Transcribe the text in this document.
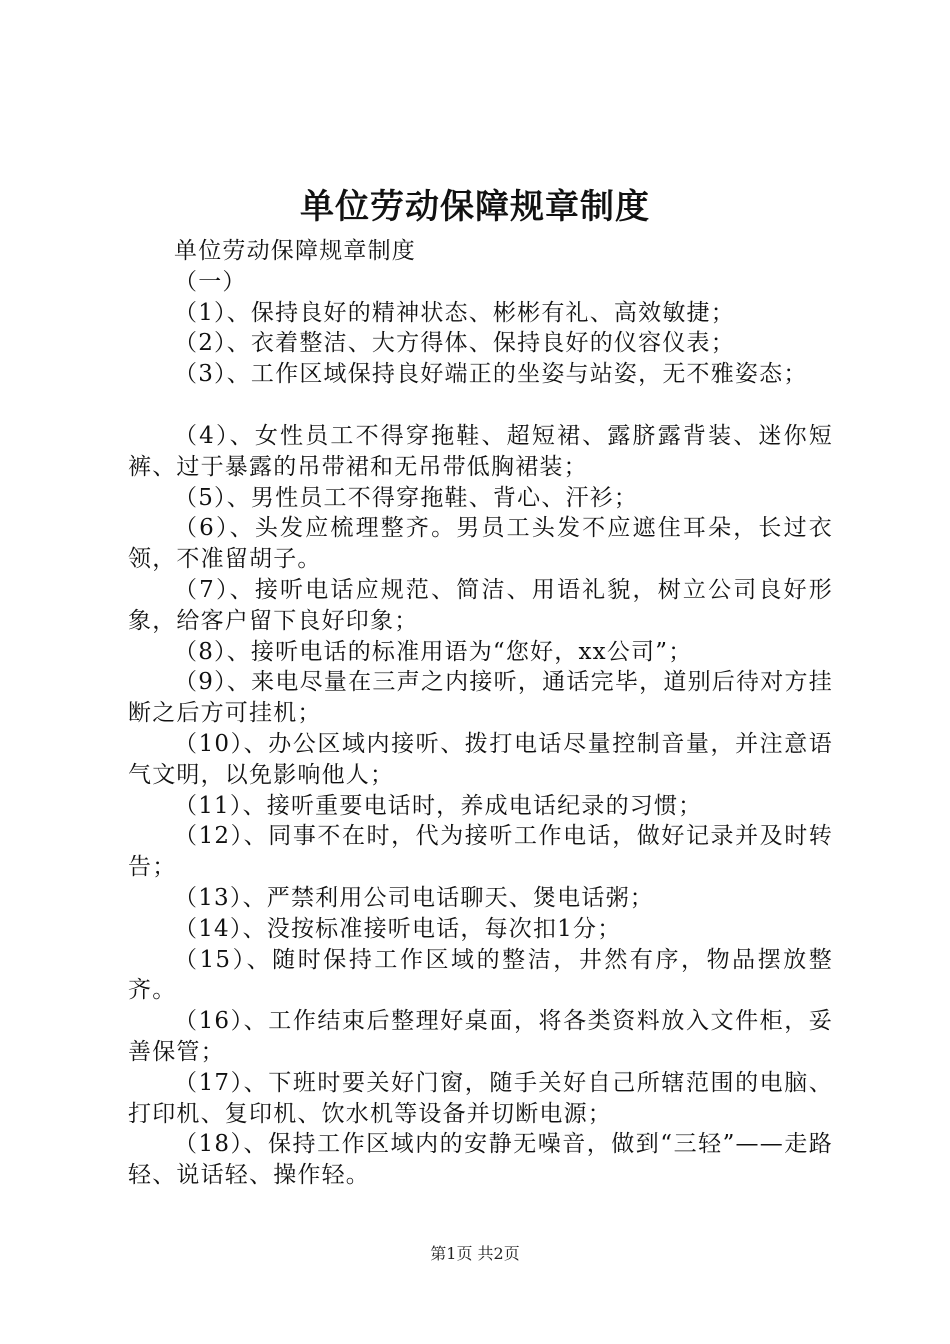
单位劳动保障规章制度

单位劳动保障规章制度

（一）

（1）、保持良好的精神状态、彬彬有礼、高效敏捷；

（2）、衣着整洁、大方得体、保持良好的仪容仪表；

（3）、工作区域保持良好端正的坐姿与站姿，无不雅姿态；

（4）、女性员工不得穿拖鞋、超短裙、露脐露背装、迷你短裤、过于暴露的吊带裙和无吊带低胸裙装；

（5）、男性员工不得穿拖鞋、背心、汗衫；

（6）、头发应梳理整齐。男员工头发不应遮住耳朵，长过衣领，不准留胡子。

（7）、接听电话应规范、简洁、用语礼貌，树立公司良好形象，给客户留下良好印象；

（8）、接听电话的标准用语为“您好，xx公司”；

（9）、来电尽量在三声之内接听，通话完毕，道别后待对方挂断之后方可挂机；

（10）、办公区域内接听、拨打电话尽量控制音量，并注意语气文明，以免影响他人；

（11）、接听重要电话时，养成电话纪录的习惯；

（12）、同事不在时，代为接听工作电话，做好记录并及时转告；

（13）、严禁利用公司电话聊天、煲电话粥；

（14）、没按标准接听电话，每次扣1分；

（15）、随时保持工作区域的整洁，井然有序，物品摆放整齐。

（16）、工作结束后整理好桌面，将各类资料放入文件柜，妥善保管；

（17）、下班时要关好门窗，随手关好自己所辖范围的电脑、打印机、复印机、饮水机等设备并切断电源；

（18）、保持工作区域内的安静无噪音，做到“三轻”——走路轻、说话轻、操作轻。

第1页 共2页
